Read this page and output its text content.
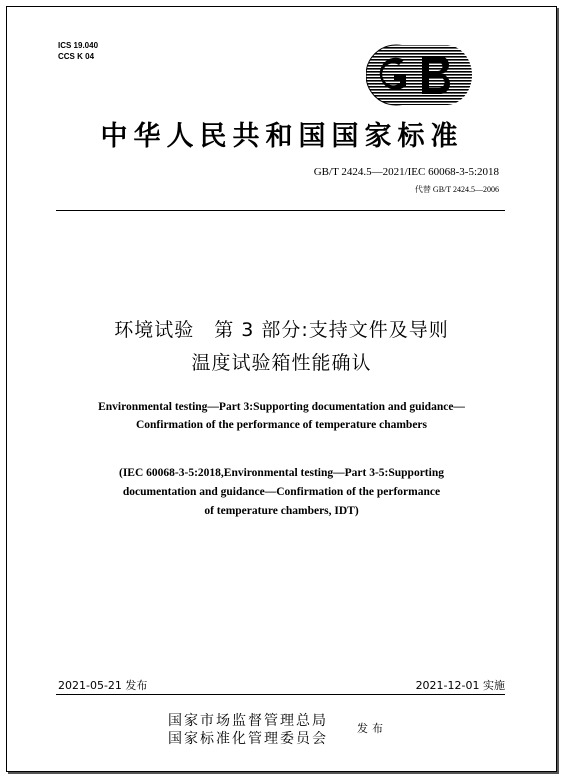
ICS 19.040
CCS K 04
中华人民共和国国家标准
GB/T 2424.5—2021/IEC 60068-3-5:2018
代替 GB/T 2424.5—2006
环境试验　第 3 部分:支持文件及导则
温度试验箱性能确认
Environmental testing—Part 3:Supporting documentation and guidance—
Confirmation of the performance of temperature chambers
(IEC 60068-3-5:2018,Environmental testing—Part 3-5:Supporting
documentation and guidance—Confirmation of the performance
of temperature chambers, IDT)
2021-05-21 发布	2021-12-01 实施
国家市场监督管理总局
国家标准化管理委员会
发布
